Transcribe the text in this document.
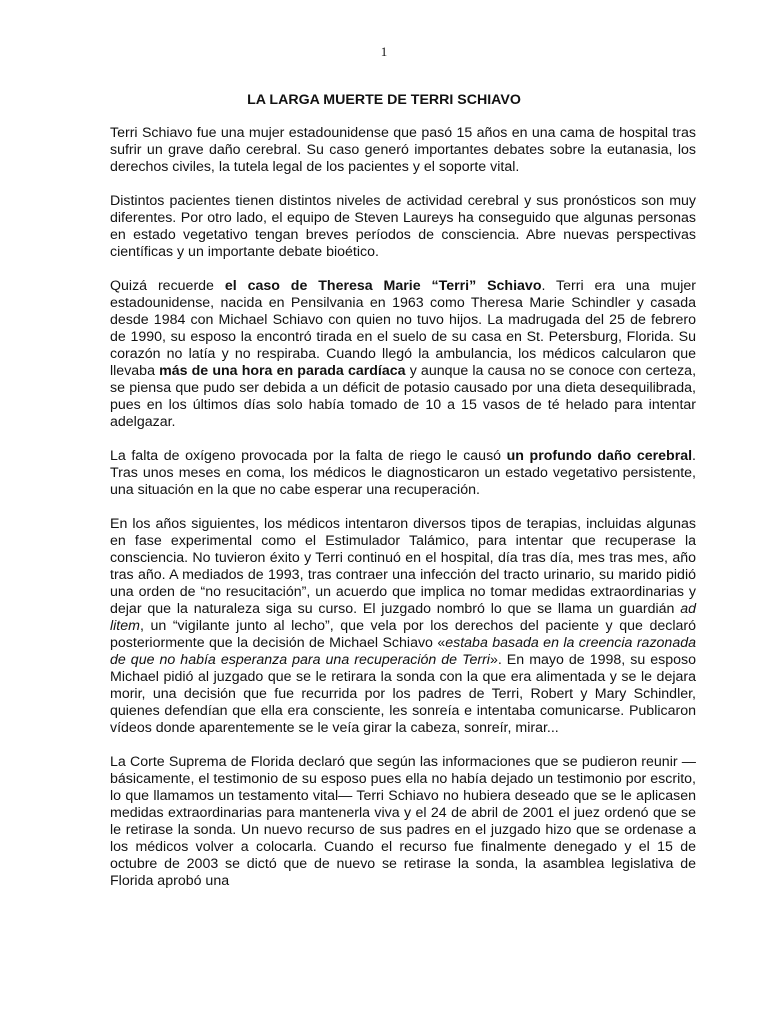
1
LA LARGA MUERTE DE TERRI SCHIAVO

Terri Schiavo fue una mujer estadounidense que pasó 15 años en una cama de hospital tras sufrir un grave daño cerebral. Su caso generó importantes debates sobre la eutanasia, los derechos civiles, la tutela legal de los pacientes y el soporte vital.

Distintos pacientes tienen distintos niveles de actividad cerebral y sus pronósticos son muy diferentes. Por otro lado, el equipo de Steven Laureys ha conseguido que algunas personas en estado vegetativo tengan breves períodos de consciencia. Abre nuevas perspectivas científicas y un importante debate bioético.

Quizá recuerde el caso de Theresa Marie “Terri” Schiavo. Terri era una mujer estadounidense, nacida en Pensilvania en 1963 como Theresa Marie Schindler y casada desde 1984 con Michael Schiavo con quien no tuvo hijos. La madrugada del 25 de febrero de 1990, su esposo la encontró tirada en el suelo de su casa en St. Petersburg, Florida. Su corazón no latía y no respiraba. Cuando llegó la ambulancia, los médicos calcularon que llevaba más de una hora en parada cardíaca y aunque la causa no se conoce con certeza, se piensa que pudo ser debida a un déficit de potasio causado por una dieta desequilibrada, pues en los últimos días solo había tomado de 10 a 15 vasos de té helado para intentar adelgazar.

La falta de oxígeno provocada por la falta de riego le causó un profundo daño cerebral. Tras unos meses en coma, los médicos le diagnosticaron un estado vegetativo persistente, una situación en la que no cabe esperar una recuperación.

En los años siguientes, los médicos intentaron diversos tipos de terapias, incluidas algunas en fase experimental como el Estimulador Talámico, para intentar que recuperase la consciencia. No tuvieron éxito y Terri continuó en el hospital, día tras día, mes tras mes, año tras año. A mediados de 1993, tras contraer una infección del tracto urinario, su marido pidió una orden de “no resucitación”, un acuerdo que implica no tomar medidas extraordinarias y dejar que la naturaleza siga su curso. El juzgado nombró lo que se llama un guardián ad litem, un “vigilante junto al lecho”, que vela por los derechos del paciente y que declaró posteriormente que la decisión de Michael Schiavo «estaba basada en la creencia razonada de que no había esperanza para una recuperación de Terri». En mayo de 1998, su esposo Michael pidió al juzgado que se le retirara la sonda con la que era alimentada y se le dejara morir, una decisión que fue recurrida por los padres de Terri, Robert y Mary Schindler, quienes defendían que ella era consciente, les sonreía e intentaba comunicarse. Publicaron vídeos donde aparentemente se le veía girar la cabeza, sonreír, mirar...

La Corte Suprema de Florida declaró que según las informaciones que se pudieron reunir —básicamente, el testimonio de su esposo pues ella no había dejado un testimonio por escrito, lo que llamamos un testamento vital— Terri Schiavo no hubiera deseado que se le aplicasen medidas extraordinarias para mantenerla viva y el 24 de abril de 2001 el juez ordenó que se le retirase la sonda. Un nuevo recurso de sus padres en el juzgado hizo que se ordenase a los médicos volver a colocarla. Cuando el recurso fue finalmente denegado y el 15 de octubre de 2003 se dictó que de nuevo se retirase la sonda, la asamblea legislativa de Florida aprobó una
